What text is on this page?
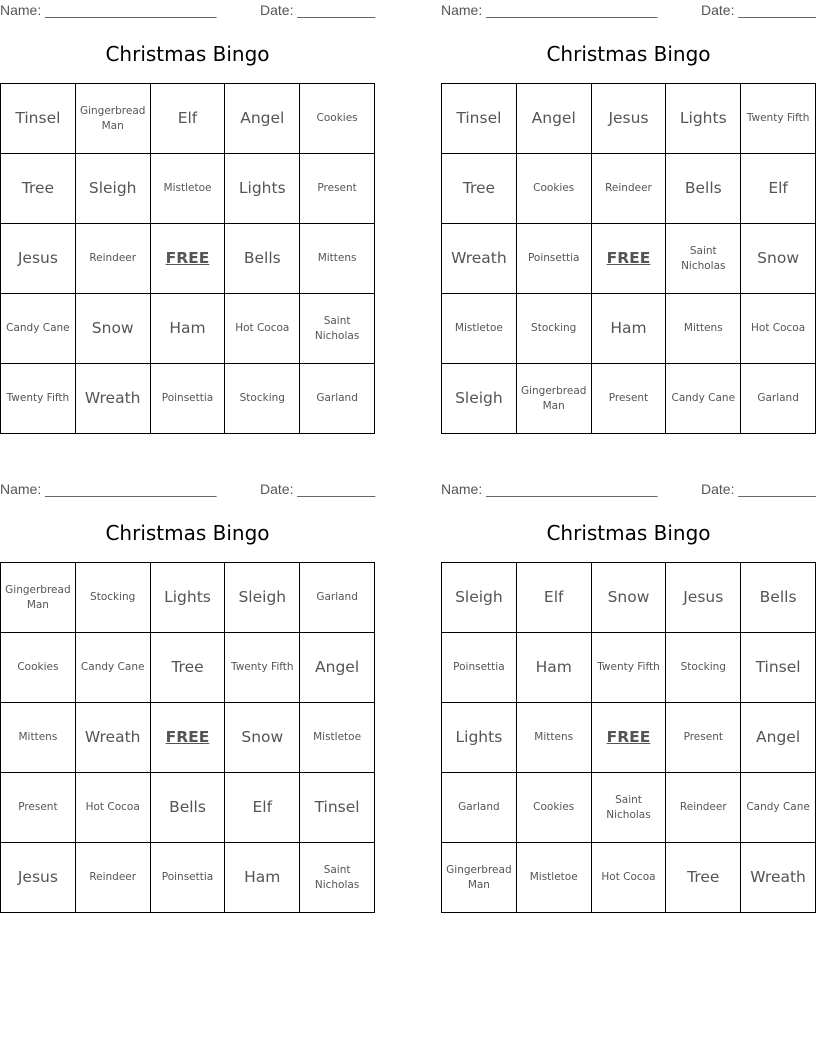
Name: ______________________	Date: __________
Christmas Bingo
Tinsel	Gingerbread Man	Elf	Angel	Cookies
Tree	Sleigh	Mistletoe	Lights	Present
Jesus	Reindeer	FREE	Bells	Mittens
Candy Cane	Snow	Ham	Hot Cocoa	Saint Nicholas
Twenty Fifth	Wreath	Poinsettia	Stocking	Garland
Name: ______________________	Date: __________
Christmas Bingo
Tinsel	Angel	Jesus	Lights	Twenty Fifth
Tree	Cookies	Reindeer	Bells	Elf
Wreath	Poinsettia	FREE	Saint Nicholas	Snow
Mistletoe	Stocking	Ham	Mittens	Hot Cocoa
Sleigh	Gingerbread Man	Present	Candy Cane	Garland
Name: ______________________	Date: __________
Christmas Bingo
Gingerbread Man	Stocking	Lights	Sleigh	Garland
Cookies	Candy Cane	Tree	Twenty Fifth	Angel
Mittens	Wreath	FREE	Snow	Mistletoe
Present	Hot Cocoa	Bells	Elf	Tinsel
Jesus	Reindeer	Poinsettia	Ham	Saint Nicholas
Name: ______________________	Date: __________
Christmas Bingo
Sleigh	Elf	Snow	Jesus	Bells
Poinsettia	Ham	Twenty Fifth	Stocking	Tinsel
Lights	Mittens	FREE	Present	Angel
Garland	Cookies	Saint Nicholas	Reindeer	Candy Cane
Gingerbread Man	Mistletoe	Hot Cocoa	Tree	Wreath
